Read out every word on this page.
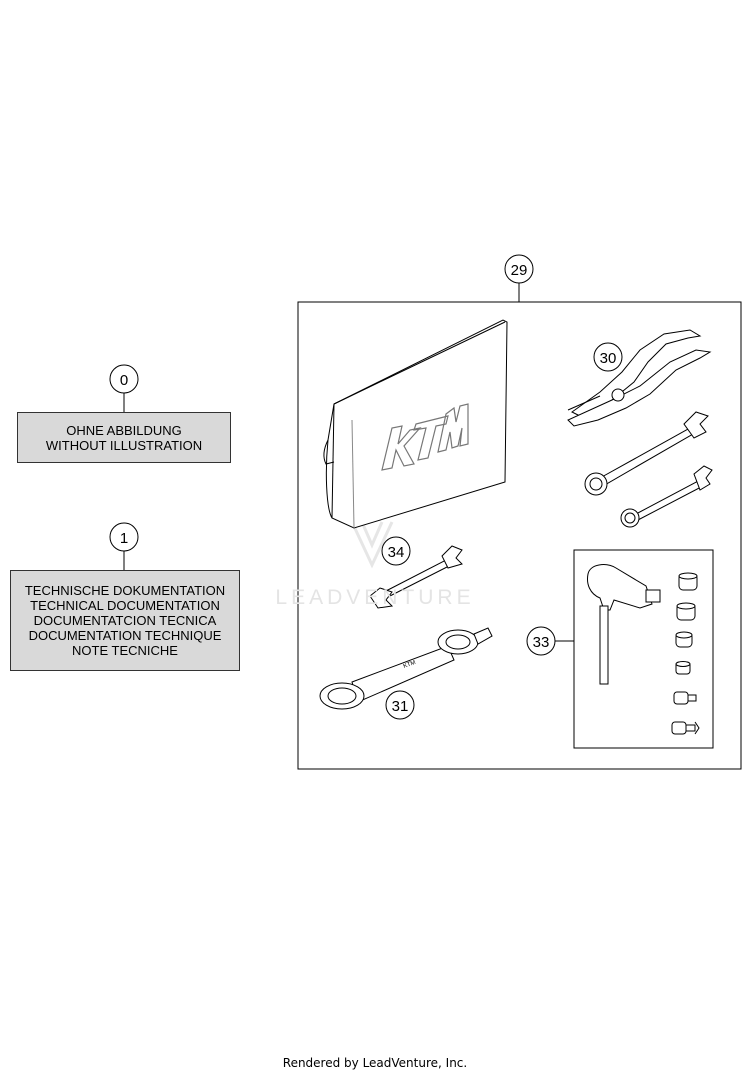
0
1
29
30
34
KTM
31
33
OHNE ABBILDUNG
WITHOUT ILLUSTRATION
TECHNISCHE DOKUMENTATION
TECHNICAL DOCUMENTATION
DOCUMENTATCION TECNICA
DOCUMENTATION TECHNIQUE
NOTE TECNICHE
LEADVENTURE
Rendered by LeadVenture, Inc.
